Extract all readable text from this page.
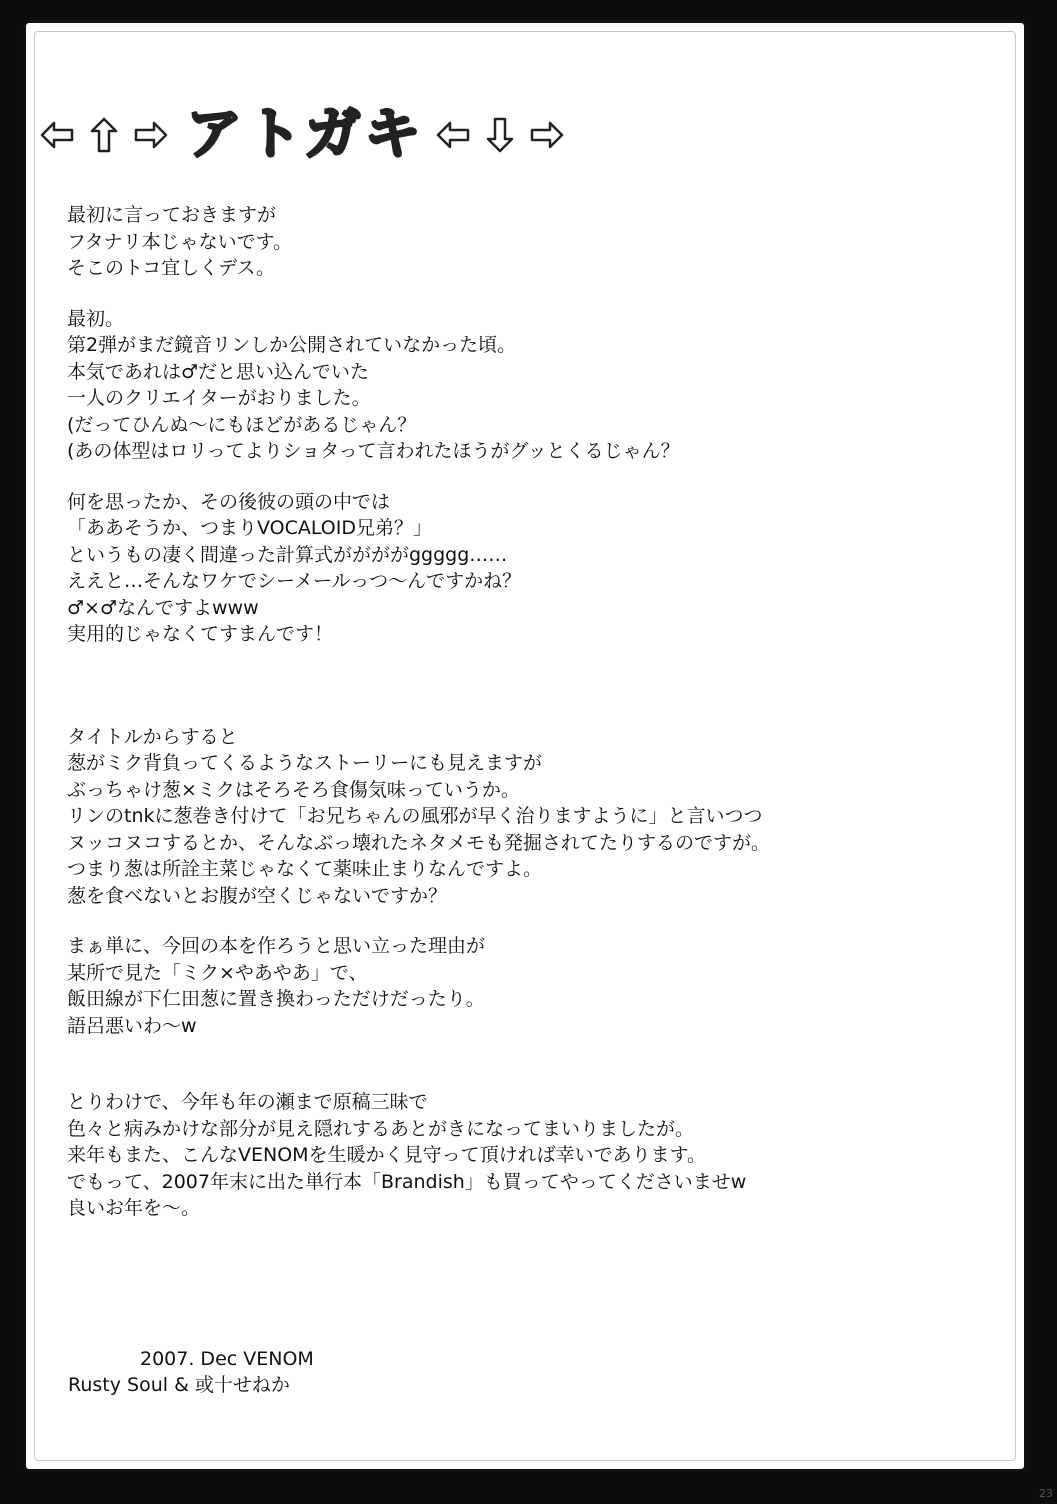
アトガキ
最初に言っておきますが
フタナリ本じゃないです。
そこのトコ宜しくデス。
最初。
第2弾がまだ鏡音リンしか公開されていなかった頃。
本気であれは♂だと思い込んでいた
一人のクリエイターがおりました。
(だってひんぬ～にもほどがあるじゃん？
(あの体型はロリってよりショタって言われたほうがグッとくるじゃん？
何を思ったか、その後彼の頭の中では
「ああそうか、つまりVOCALOID兄弟？」
というもの凄く間違った計算式ががががggggg……
ええと…そんなワケでシーメールっつ～んですかね？
♂×♂なんですよwww
実用的じゃなくてすまんです！
タイトルからすると
葱がミク背負ってくるようなストーリーにも見えますが
ぶっちゃけ葱×ミクはそろそろ食傷気味っていうか。
リンのtnkに葱巻き付けて「お兄ちゃんの風邪が早く治りますように」と言いつつ
ヌッコヌコするとか、そんなぶっ壊れたネタメモも発掘されてたりするのですが。
つまり葱は所詮主菜じゃなくて薬味止まりなんですよ。
葱を食べないとお腹が空くじゃないですか？
まぁ単に、今回の本を作ろうと思い立った理由が
某所で見た「ミク×やあやあ」で、
飯田線が下仁田葱に置き換わっただけだったり。
語呂悪いわ～w
とりわけで、今年も年の瀬まで原稿三昧で
色々と病みかけな部分が見え隠れするあとがきになってまいりましたが。
来年もまた、こんなVENOMを生暖かく見守って頂ければ幸いであります。
でもって、2007年末に出た単行本「Brandish」も買ってやってくださいませw
良いお年を～。
2007. Dec VENOM
Rusty Soul & 或十せねか
23
